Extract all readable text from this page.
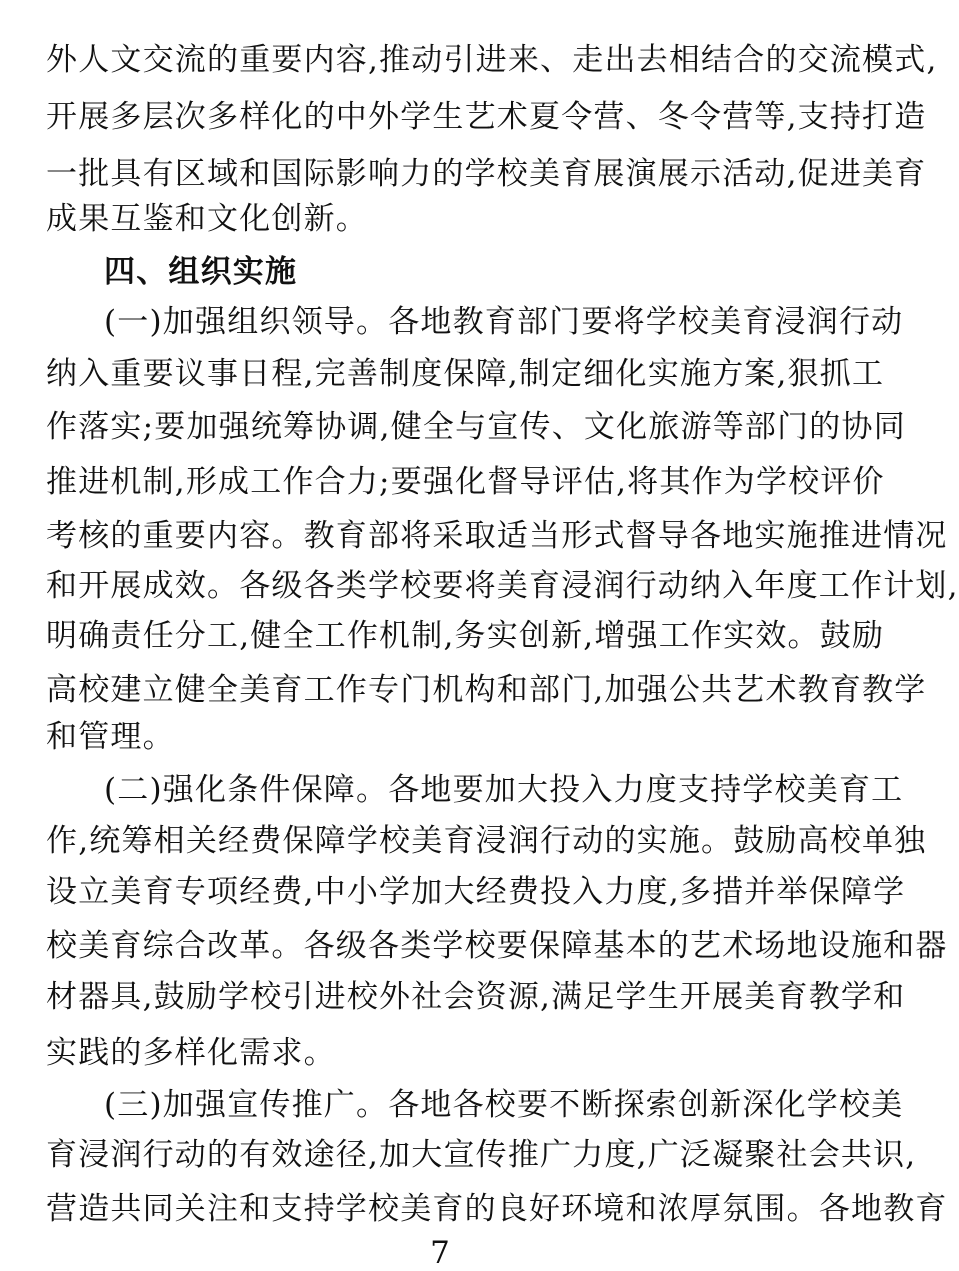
外人文交流的重要内容,推动引进来、走出去相结合的交流模式,
开展多层次多样化的中外学生艺术夏令营、冬令营等,支持打造
一批具有区域和国际影响力的学校美育展演展示活动,促进美育
成果互鉴和文化创新。
四、组织实施
(一)加强组织领导。各地教育部门要将学校美育浸润行动
纳入重要议事日程,完善制度保障,制定细化实施方案,狠抓工
作落实;要加强统筹协调,健全与宣传、文化旅游等部门的协同
推进机制,形成工作合力;要强化督导评估,将其作为学校评价
考核的重要内容。教育部将采取适当形式督导各地实施推进情况
和开展成效。各级各类学校要将美育浸润行动纳入年度工作计划,
明确责任分工,健全工作机制,务实创新,增强工作实效。鼓励
高校建立健全美育工作专门机构和部门,加强公共艺术教育教学
和管理。
(二)强化条件保障。各地要加大投入力度支持学校美育工
作,统筹相关经费保障学校美育浸润行动的实施。鼓励高校单独
设立美育专项经费,中小学加大经费投入力度,多措并举保障学
校美育综合改革。各级各类学校要保障基本的艺术场地设施和器
材器具,鼓励学校引进校外社会资源,满足学生开展美育教学和
实践的多样化需求。
(三)加强宣传推广。各地各校要不断探索创新深化学校美
育浸润行动的有效途径,加大宣传推广力度,广泛凝聚社会共识,
营造共同关注和支持学校美育的良好环境和浓厚氛围。各地教育
7
